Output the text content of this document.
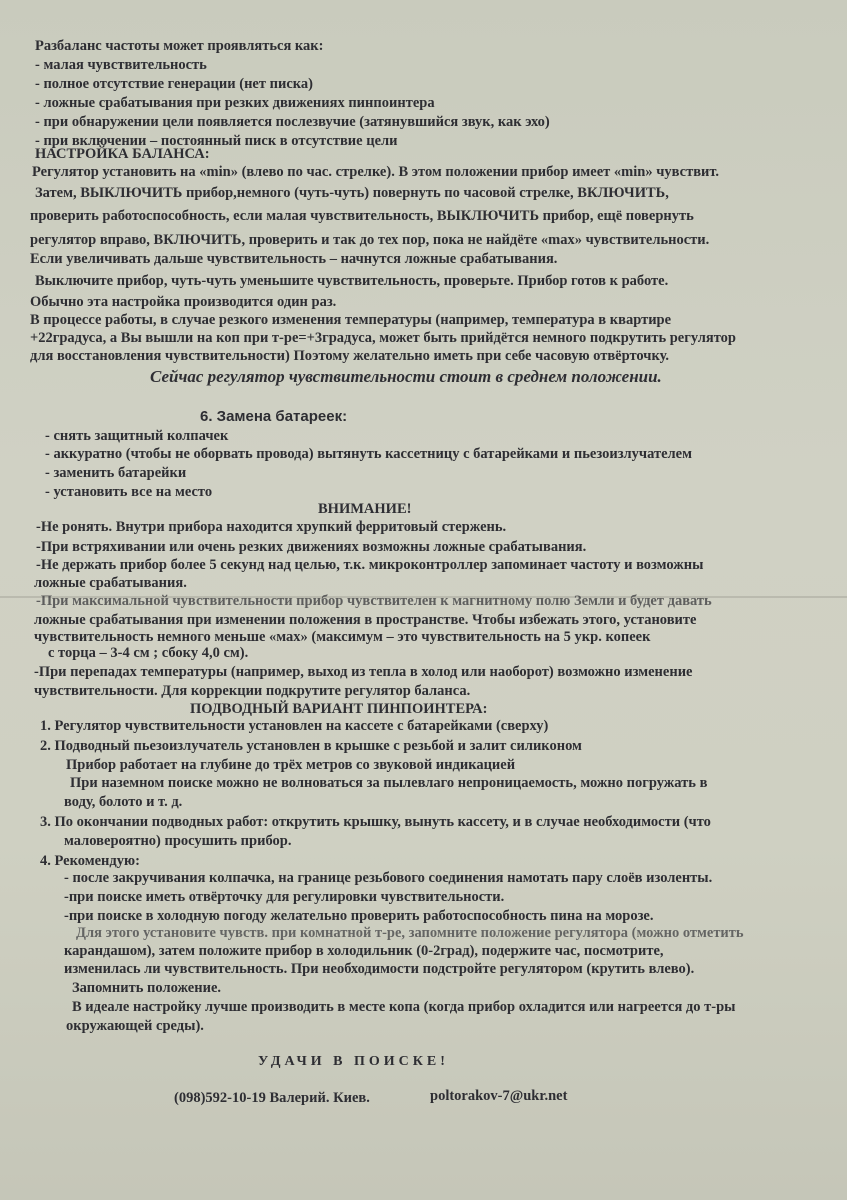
Разбаланс частоты может проявляться как:
- малая чувствительность
- полное отсутствие генерации (нет писка)
- ложные срабатывания при резких движениях пинпоинтера
- при обнаружении цели появляется послезвучие (затянувшийся звук, как эхо)
- при включении – постоянный писк в отсутствие цели
НАСТРОЙКА БАЛАНСА:
Регулятор установить на «min» (влево по час. стрелке). В этом положении прибор имеет «min» чувствит.
Затем, ВЫКЛЮЧИТЬ прибор,немного (чуть-чуть) повернуть по часовой стрелке, ВКЛЮЧИТЬ,
проверить работоспособность, если малая чувствительность, ВЫКЛЮЧИТЬ прибор, ещё повернуть
регулятор вправо, ВКЛЮЧИТЬ, проверить и так до тех пор, пока не найдёте «max» чувствительности.
Если увеличивать дальше чувствительность – начнутся ложные срабатывания.
Выключите прибор, чуть-чуть уменьшите чувствительность, проверьте. Прибор готов к работе.
Обычно эта настройка производится один раз.
В процессе работы, в случае резкого изменения температуры (например, температура в квартире
+22градуса, а Вы вышли на коп при т-ре=+3градуса, может быть прийдётся немного подкрутить регулятор
для восстановления чувствительности) Поэтому желательно иметь при себе часовую отвёрточку.
Сейчас регулятор чувствительности стоит в среднем положении.
6. Замена батареек:
- снять защитный колпачек
- аккуратно (чтобы не оборвать провода) вытянуть кассетницу с батарейками и пьезоизлучателем
- заменить батарейки
- установить все на место
ВНИМАНИЕ!
-Не ронять. Внутри прибора находится хрупкий ферритовый стержень.
-При встряхивании или очень резких движениях возможны ложные срабатывания.
-Не держать прибор более 5 секунд над целью, т.к. микроконтроллер запоминает частоту и возможны
ложные срабатывания.
-При максимальной чувствительности прибор чувствителен к магнитному полю Земли и будет давать
ложные срабатывания при изменении положения в пространстве. Чтобы избежать этого, установите
чувствительность немного меньше «мах» (максимум – это чувствительность на 5 укр. копеек
с торца – 3-4 см ; сбоку 4,0 см).
-При перепадах температуры (например, выход из тепла в холод или наоборот) возможно изменение
чувствительности. Для коррекции подкрутите регулятор баланса.
ПОДВОДНЫЙ ВАРИАНТ ПИНПОИНТЕРА:
1. Регулятор чувствительности установлен на кассете с батарейками (сверху)
2. Подводный пьезоизлучатель установлен в крышке с резьбой и залит силиконом
Прибор работает на глубине до трёх метров со звуковой индикацией
При наземном поиске можно не волноваться за пылевлаго непроницаемость, можно погружать в
воду, болото и т. д.
3. По окончании подводных работ: открутить крышку, вынуть кассету, и в случае необходимости (что
маловероятно) просушить прибор.
4. Рекомендую:
- после закручивания колпачка, на границе резьбового соединения намотать пару слоёв изоленты.
-при поиске иметь отвёрточку для регулировки чувствительности.
-при поиске в холодную погоду желательно проверить работоспособность пина на морозе.
Для этого установите чувств. при комнатной т-ре, запомните положение регулятора (можно отметить
карандашом), затем положите прибор в холодильник (0-2град), подержите час, посмотрите,
изменилась ли чувствительность. При необходимости подстройте регулятором (крутить влево).
Запомнить положение.
В идеале настройку лучше производить в месте копа (когда прибор охладится или нагреется до т-ры
окружающей среды).
УДАЧИ В ПОИСКЕ!
(098)592-10-19 Валерий. Киев.	poltorakov-7@ukr.net
